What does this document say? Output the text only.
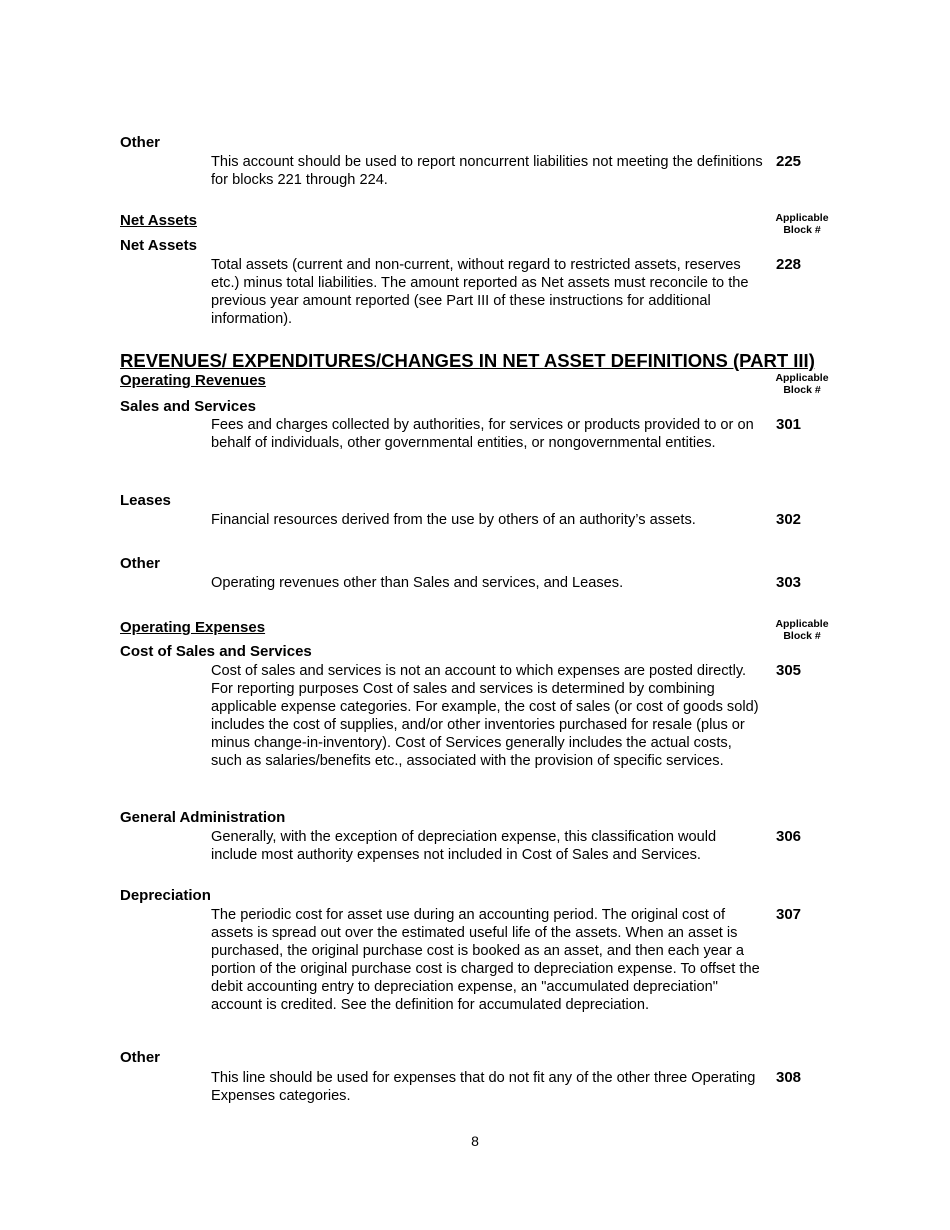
Other
This account should be used to report noncurrent liabilities not meeting the definitions for blocks 221 through 224.
225
Net Assets	Applicable
Block #
Net Assets
Total assets (current and non-current, without regard to restricted assets, reserves etc.) minus total liabilities. The amount reported as Net assets must reconcile to the previous year amount reported (see Part III of these instructions for additional information).
228
REVENUES/ EXPENDITURES/CHANGES IN NET ASSET DEFINITIONS (PART III)
Operating Revenues	Applicable
Block #
Sales and Services
Fees and charges collected by authorities, for services or products provided to or on behalf of individuals, other governmental entities, or nongovernmental entities.
301
Leases
Financial resources derived from the use by others of an authority’s assets.	302
Other
Operating revenues other than Sales and services, and Leases.	303
Operating Expenses	Applicable
Block #
Cost of Sales and Services
Cost of sales and services is not an account to which expenses are posted directly. For reporting purposes Cost of sales and services is determined by combining applicable expense categories. For example, the cost of sales (or cost of goods sold) includes the cost of supplies, and/or other inventories purchased for resale (plus or minus change-in-inventory). Cost of Services generally includes the actual costs, such as salaries/benefits etc., associated with the provision of specific services.
305
General Administration
Generally, with the exception of depreciation expense, this classification would include most authority expenses not included in Cost of Sales and Services.
306
Depreciation
The periodic cost for asset use during an accounting period. The original cost of assets is spread out over the estimated useful life of the assets. When an asset is purchased, the original purchase cost is booked as an asset, and then each year a portion of the original purchase cost is charged to depreciation expense. To offset the debit accounting entry to depreciation expense, an "accumulated depreciation" account is credited. See the definition for accumulated depreciation.
307
Other
This line should be used for expenses that do not fit any of the other three Operating Expenses categories.
308
8
